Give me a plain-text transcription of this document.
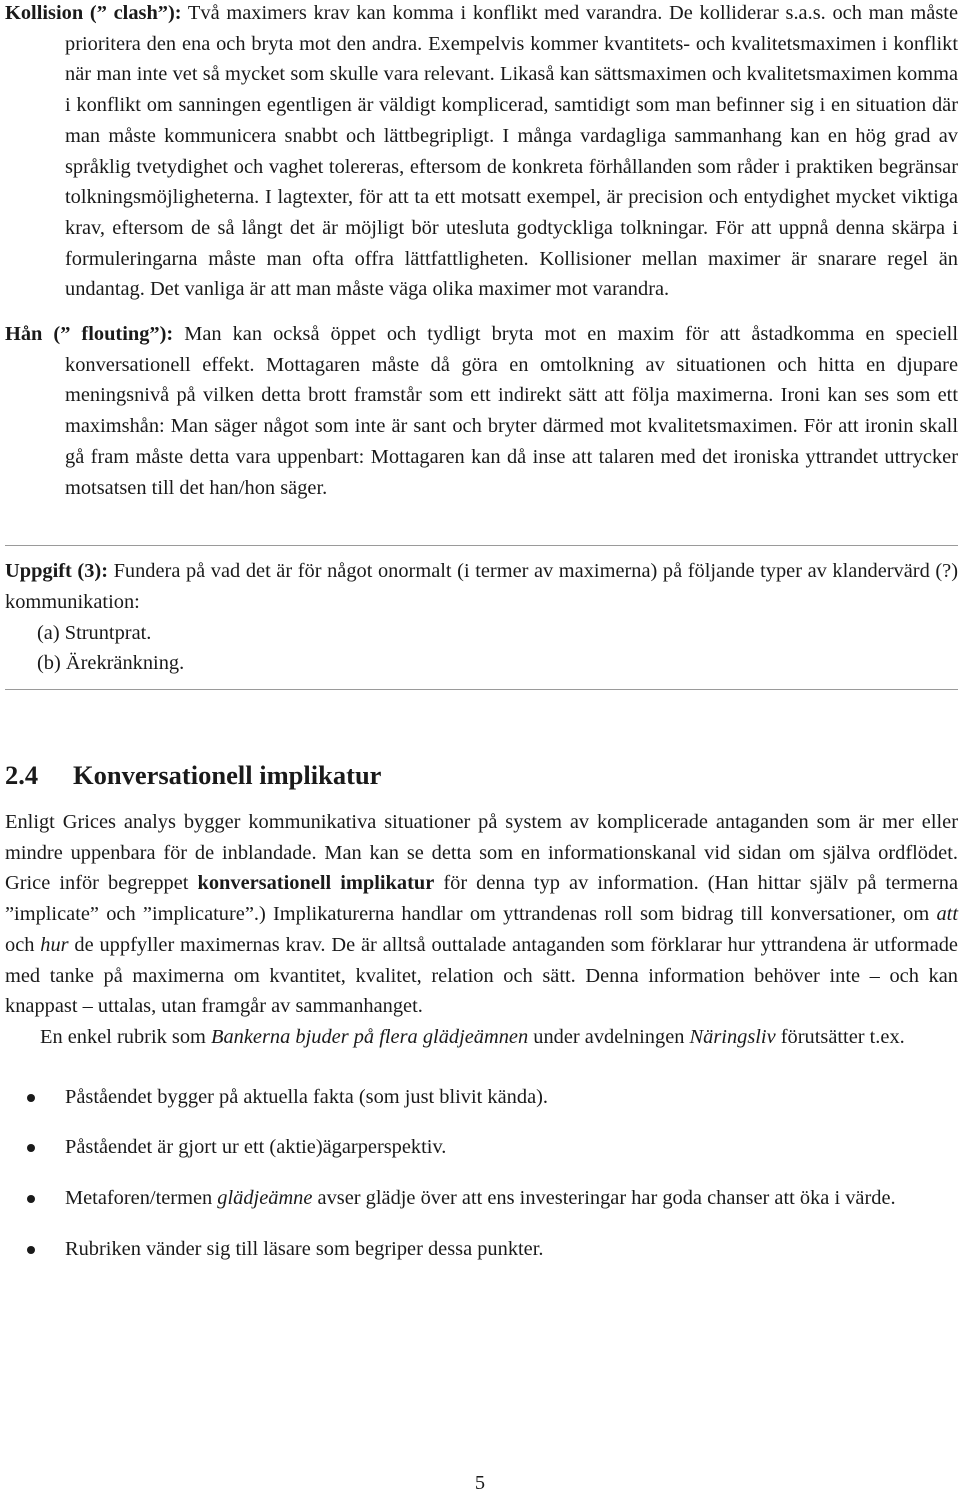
Kollision (” clash”): Två maximers krav kan komma i konflikt med varandra. De kolliderar s.a.s. och man måste prioritera den ena och bryta mot den andra. Exempelvis kommer kvantitets- och kvalitetsmaximen i konflikt när man inte vet så mycket som skulle vara relevant. Likaså kan sättsmaximen och kvalitetsmaximen komma i konflikt om sanningen egentligen är väldigt komplicerad, samtidigt som man befinner sig i en situation där man måste kommunicera snabbt och lättbegripligt. I många vardagliga sammanhang kan en hög grad av språklig tvetydighet och vaghet tolereras, eftersom de konkreta förhållanden som råder i praktiken begränsar tolkningsmöjligheterna. I lagtexter, för att ta ett motsatt exempel, är precision och entydighet mycket viktiga krav, eftersom de så långt det är möjligt bör utesluta godtyckliga tolkningar. För att uppnå denna skärpa i formuleringarna måste man ofta offra lättfattligheten. Kollisioner mellan maximer är snarare regel än undantag. Det vanliga är att man måste väga olika maximer mot varandra.

Hån (” flouting”): Man kan också öppet och tydligt bryta mot en maxim för att åstadkomma en speciell konversationell effekt. Mottagaren måste då göra en omtolkning av situationen och hitta en djupare meningsnivå på vilken detta brott framstår som ett indirekt sätt att följa maximerna. Ironi kan ses som ett maximshån: Man säger något som inte är sant och bryter därmed mot kvalitetsmaximen. För att ironin skall gå fram måste detta vara uppenbart: Mottagaren kan då inse att talaren med det ironiska yttrandet uttrycker motsatsen till det han/hon säger.

Uppgift (3): Fundera på vad det är för något onormalt (i termer av maximerna) på följande typer av klandervärd (?) kommunikation:

(a) Struntprat.

(b) Ärekränkning.

2.4 Konversationell implikatur

Enligt Grices analys bygger kommunikativa situationer på system av komplicerade antaganden som är mer eller mindre uppenbara för de inblandade. Man kan se detta som en informationskanal vid sidan om själva ordflödet. Grice inför begreppet konversationell implikatur för denna typ av information. (Han hittar själv på termerna ”implicate” och ”implicature”.) Implikaturerna handlar om yttrandenas roll som bidrag till konversationer, om att och hur de uppfyller maximernas krav. De är alltså outtalade antaganden som förklarar hur yttrandena är utformade med tanke på maximerna om kvantitet, kvalitet, relation och sätt. Denna information behöver inte – och kan knappast – uttalas, utan framgår av sammanhanget.

En enkel rubrik som Bankerna bjuder på flera glädjeämnen under avdelningen Näringsliv förutsätter t.ex.

Påståendet bygger på aktuella fakta (som just blivit kända).
Påståendet är gjort ur ett (aktie)ägarperspektiv.
Metaforen/termen glädjeämne avser glädje över att ens investeringar har goda chanser att öka i värde.
Rubriken vänder sig till läsare som begriper dessa punkter.
5
